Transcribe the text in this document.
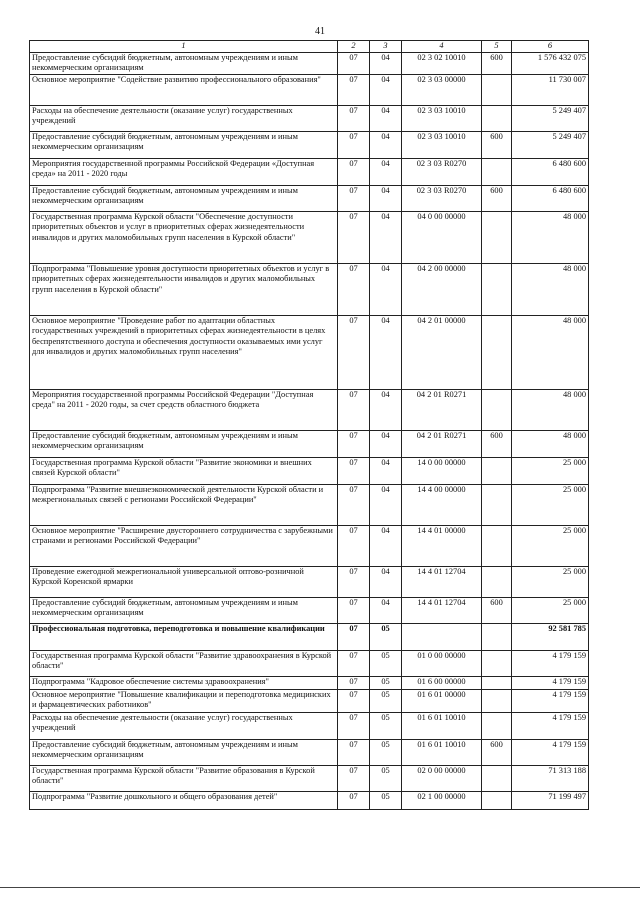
41
1	2	3	4	5	6
Предоставление субсидий бюджетным, автономным учреждениям и иным некоммерческим организациям	07	04	02 3 02 10010	600	1 576 432 075
Основное мероприятие "Содействие развитию профессионального образования"	07	04	02 3 03 00000		11 730 007
Расходы на обеспечение деятельности (оказание услуг) государственных учреждений	07	04	02 3 03 10010		5 249 407
Предоставление субсидий бюджетным, автономным учреждениям и иным некоммерческим организациям	07	04	02 3 03 10010	600	5 249 407
Мероприятия государственной программы Российской Федерации «Доступная среда» на 2011 - 2020 годы	07	04	02 3 03 R0270		6 480 600
Предоставление субсидий бюджетным, автономным учреждениям и иным некоммерческим организациям	07	04	02 3 03 R0270	600	6 480 600
Государственная программа Курской области "Обеспечение доступности приоритетных объектов и услуг в приоритетных сферах жизнедеятельности инвалидов и других маломобильных групп населения в Курской области"	07	04	04 0 00 00000		48 000
Подпрограмма "Повышение уровня доступности приоритетных объектов и услуг в приоритетных сферах жизнедеятельности инвалидов и других маломобильных групп населения в Курской области"	07	04	04 2 00 00000		48 000
Основное мероприятие "Проведение работ по адаптации областных государственных учреждений в приоритетных сферах жизнедеятельности в целях беспрепятственного доступа и обеспечения доступности оказываемых ими услуг для инвалидов и других маломобильных групп населения"	07	04	04 2 01 00000		48 000
Мероприятия государственной программы Российской Федерации "Доступная среда" на 2011 - 2020 годы, за счет средств областного бюджета	07	04	04 2 01 R0271		48 000
Предоставление субсидий бюджетным, автономным учреждениям и иным некоммерческим организациям	07	04	04 2 01 R0271	600	48 000
Государственная программа Курской области "Развитие экономики и внешних связей Курской области"	07	04	14 0 00 00000		25 000
Подпрограмма "Развитие внешнеэкономической деятельности Курской области и межрегиональных связей с регионами Российской Федерации"	07	04	14 4 00 00000		25 000
Основное мероприятие "Расширение двустороннего сотрудничества с зарубежными странами и регионами Российской Федерации"	07	04	14 4 01 00000		25 000
Проведение ежегодной межрегиональной универсальной оптово-розничной Курской Коренской ярмарки	07	04	14 4 01 12704		25 000
Предоставление субсидий бюджетным, автономным учреждениям и иным некоммерческим организациям	07	04	14 4 01 12704	600	25 000
Профессиональная подготовка, переподготовка и повышение квалификации	07	05			92 581 785
Государственная программа Курской области "Развитие здравоохранения в Курской области"	07	05	01 0 00 00000		4 179 159
Подпрограмма "Кадровое обеспечение системы здравоохранения"	07	05	01 6 00 00000		4 179 159
Основное мероприятие "Повышение квалификации и переподготовка медицинских и фармацевтических работников"	07	05	01 6 01 00000		4 179 159
Расходы на обеспечение деятельности (оказание услуг) государственных учреждений	07	05	01 6 01 10010		4 179 159
Предоставление субсидий бюджетным, автономным учреждениям и иным некоммерческим организациям	07	05	01 6 01 10010	600	4 179 159
Государственная программа Курской области "Развитие образования в Курской области"	07	05	02 0 00 00000		71 313 188
Подпрограмма "Развитие дошкольного и общего образования детей"	07	05	02 1 00 00000		71 199 497
